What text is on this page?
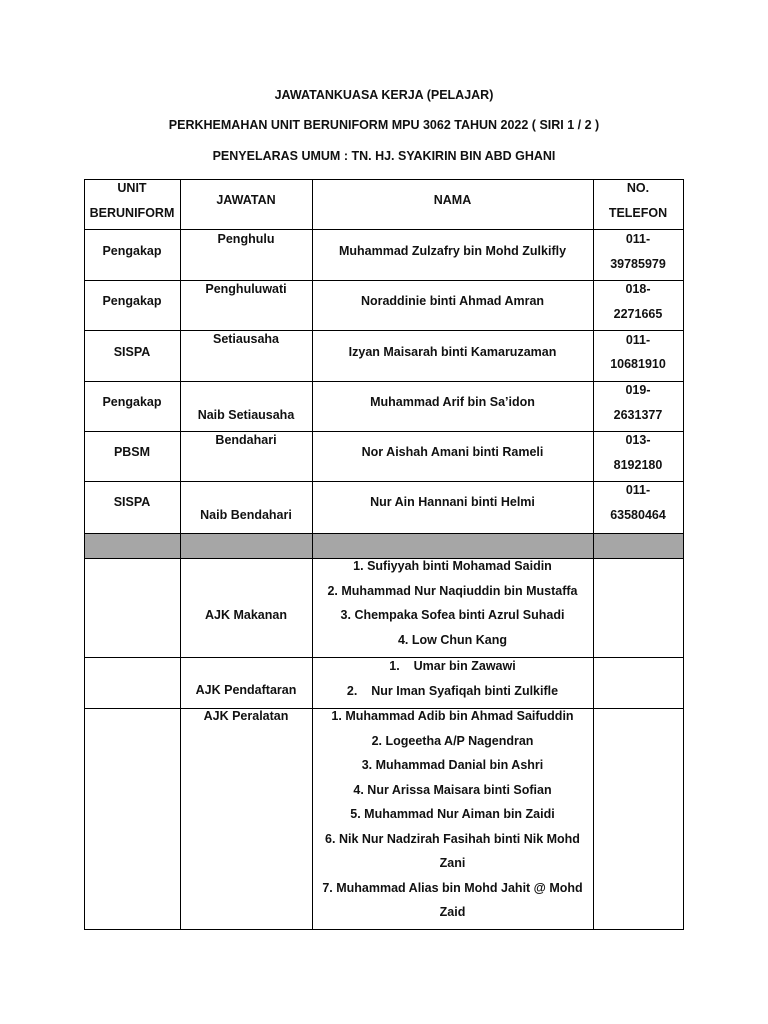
JAWATANKUASA KERJA (PELAJAR)
PERKHEMAHAN UNIT BERUNIFORM MPU 3062 TAHUN 2022 ( SIRI 1 / 2 )
PENYELARAS UMUM : TN. HJ. SYAKIRIN BIN ABD GHANI
UNIT
BERUNIFORM
JAWATAN	NAMA
NO.
TELEFON
Pengakap
Penghulu
Muhammad Zulzafry bin Mohd Zulkifly
011-
39785979
Pengakap
Penghuluwati
Noraddinie binti Ahmad Amran
018-
2271665
SISPA
Setiausaha
Izyan Maisarah binti Kamaruzaman
011-
10681910
Pengakap
Naib Setiausaha
Muhammad Arif bin Sa’idon
019-
2631377
PBSM
Bendahari
Nor Aishah Amani binti Rameli
013-
8192180
SISPA
Naib Bendahari
Nur Ain Hannani binti Helmi
011-
63580464
AJK Makanan
1. Sufiyyah binti Mohamad Saidin
2. Muhammad Nur Naqiuddin bin Mustaffa
3. Chempaka Sofea binti Azrul Suhadi
4. Low Chun Kang
AJK Pendaftaran
1.    Umar bin Zawawi
2.    Nur Iman Syafiqah binti Zulkifle
AJK Peralatan	1. Muhammad Adib bin Ahmad Saifuddin
2. Logeetha A/P Nagendran
3. Muhammad Danial bin Ashri
4. Nur Arissa Maisara binti Sofian
5. Muhammad Nur Aiman bin Zaidi
6. Nik Nur Nadzirah Fasihah binti Nik Mohd
Zani
7. Muhammad Alias bin Mohd Jahit @ Mohd
Zaid
